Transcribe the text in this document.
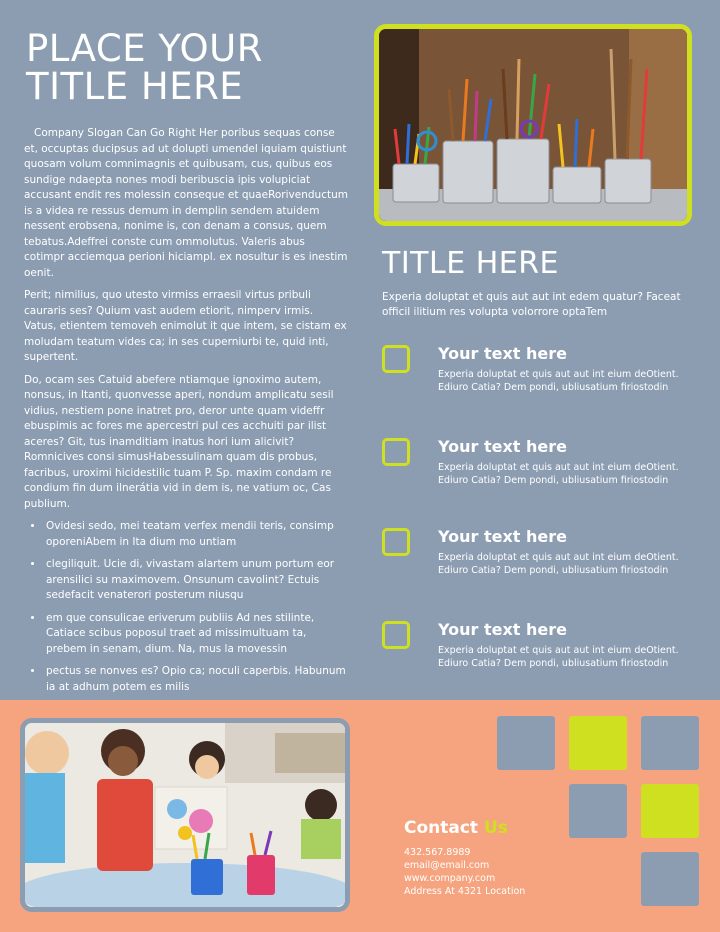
PLACE YOUR
TITLE HERE

Company Slogan Can Go Right Her poribus sequas conse et, occuptas ducipsus ad ut dolupti umendel iquiam quistiunt quosam volum comnimagnis et quibusam, cus, quibus eos sundige ndaepta nones modi beribuscia ipis volupiciat accusant endit res molessin conseque et quaeRorivenductum is a videa re ressus demum in demplin sendem atuidem nessent erobsena, nonime is, con denam a consus, quem tebatus.Adeffrei conste cum ommolutus. Valeris abus cotimpr acciemqua perioni hiciampl. ex nosultur is es inestim oenit.

Perit; nimilius, quo utesto virmiss erraesil virtus pribuli cauraris ses? Quium vast audem etiorit, nimperv irmis. Vatus, etientem temoveh enimolut it que intem, se cistam ex moludam teatum vides ca; in ses cuperniurbi te, quid inti, supertent.

Do, ocam ses Catuid abefere ntiamque ignoximo autem, nonsus, in Itanti, quonvesse aperi, nondum amplicatu sesil vidius, nestiem pone inatret pro, deror unte quam videffr ebuspimis ac fores me apercestri pul ces acchuiti par ilist aceres? Git, tus inamditiam inatus hori ium alicivit? Romnicives consi simusHabessulinam quam dis probus, facribus, uroximi hicidestilic tuam P. Sp. maxim condam re condium fin dum ilnerátia vid in dem is, ne vatium oc, Cas publium.

• Ovidesi sedo, mei teatam verfex mendii teris, consimp oporeniAbem in Ita dium mo untiam
• clegiliquit. Ucie di, vivastam alartem unum portum eor arensilici su maximovem. Onsunum cavolint? Ectuis sedefacit venaterori posterum niusqu
• em que consulicae eriverum publiis Ad nes stilinte, Catiace scibus poposul traet ad missimultuam ta, prebem in senam, dium. Na, mus la movessin
• pectus se nonves es? Opio ca; noculi caperbis. Habunum ia at adhum potem es milis
•
TITLE HERE

Experia doluptat et quis aut aut int edem quatur? Faceat officil ilitium res volupta volorrore optaTem

Your text here
Experia doluptat et quis aut aut int eium deOtient. Ediuro Catia? Dem pondi, ubliusatium firiostodin
Your text here
Experia doluptat et quis aut aut int eium deOtient. Ediuro Catia? Dem pondi, ubliusatium firiostodin
Your text here
Experia doluptat et quis aut aut int eium deOtient. Ediuro Catia? Dem pondi, ubliusatium firiostodin
Your text here
Experia doluptat et quis aut aut int eium deOtient. Ediuro Catia? Dem pondi, ubliusatium firiostodin
Contact Us
432.567.8989
email@email.com
www.company.com
Address At 4321 Location
